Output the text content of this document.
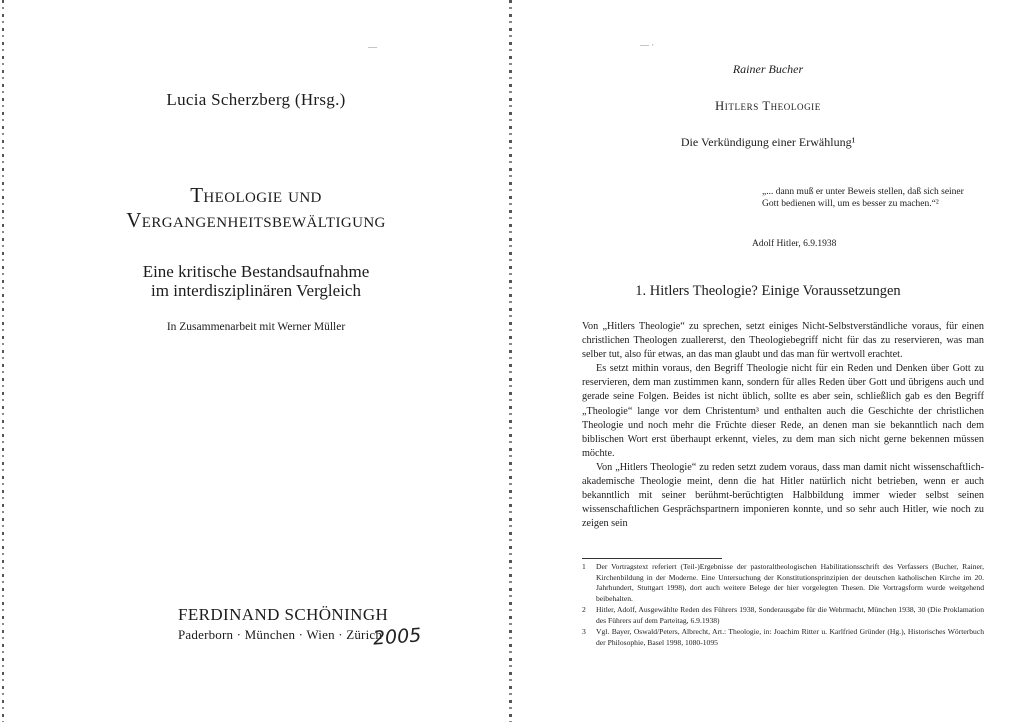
—
Lucia Scherzberg (Hrsg.)
Theologie und
Vergangenheitsbewältigung
Eine kritische Bestandsaufnahme
im interdisziplinären Vergleich
In Zusammenarbeit mit Werner Müller
FERDINAND SCHÖNINGH
Paderborn · München · Wien · Zürich
2005
— ·
Rainer Bucher
Hitlers Theologie
Die Verkündigung einer Erwählung¹
„... dann muß er unter Beweis stellen, daß sich seiner Gott bedienen will, um es besser zu machen.“²
Adolf Hitler, 6.9.1938
1. Hitlers Theologie? Einige Voraussetzungen

Von „Hitlers Theologie“ zu sprechen, setzt einiges Nicht-Selbstverständliche voraus, für einen christlichen Theologen zuallererst, den Theologiebegriff nicht für das zu reservieren, was man selber tut, also für etwas, an das man glaubt und das man für wertvoll erachtet.

Es setzt mithin voraus, den Begriff Theologie nicht für ein Reden und Denken über Gott zu reservieren, dem man zustimmen kann, sondern für alles Reden über Gott und übrigens auch und gerade seine Folgen. Beides ist nicht üblich, sollte es aber sein, schließlich gab es den Begriff „Theologie“ lange vor dem Christentum³ und enthalten auch die Geschichte der christlichen Theologie und noch mehr die Früchte dieser Rede, an denen man sie bekanntlich nach dem biblischen Wort erst überhaupt erkennt, vieles, zu dem man sich nicht gerne bekennen müssen möchte.

Von „Hitlers Theologie“ zu reden setzt zudem voraus, dass man damit nicht wissenschaftlich-akademische Theologie meint, denn die hat Hitler natürlich nicht betrieben, wenn er auch bekanntlich mit seiner berühmt-berüchtigten Halbbildung immer wieder selbst seinen wissenschaftlichen Gesprächspartnern imponieren konnte, und so sehr auch Hitler, wie noch zu zeigen sein

1	Der Vortragstext referiert (Teil-)Ergebnisse der pastoraltheologischen Habilitationsschrift des Verfassers (Bucher, Rainer, Kirchenbildung in der Moderne. Eine Untersuchung der Konstitutionsprinzipien der deutschen katholischen Kirche im 20. Jahrhundert, Stuttgart 1998), dort auch weitere Belege der hier vorgelegten Thesen. Die Vortragsform wurde weitgehend beibehalten.
2	Hitler, Adolf, Ausgewählte Reden des Führers 1938, Sonderausgabe für die Wehrmacht, München 1938, 30 (Die Proklamation des Führers auf dem Parteitag, 6.9.1938)
3	Vgl. Bayer, Oswald/Peters, Albrecht, Art.: Theologie, in: Joachim Ritter u. Karlfried Gründer (Hg.), Historisches Wörterbuch der Philosophie, Basel 1998, 1080-1095
